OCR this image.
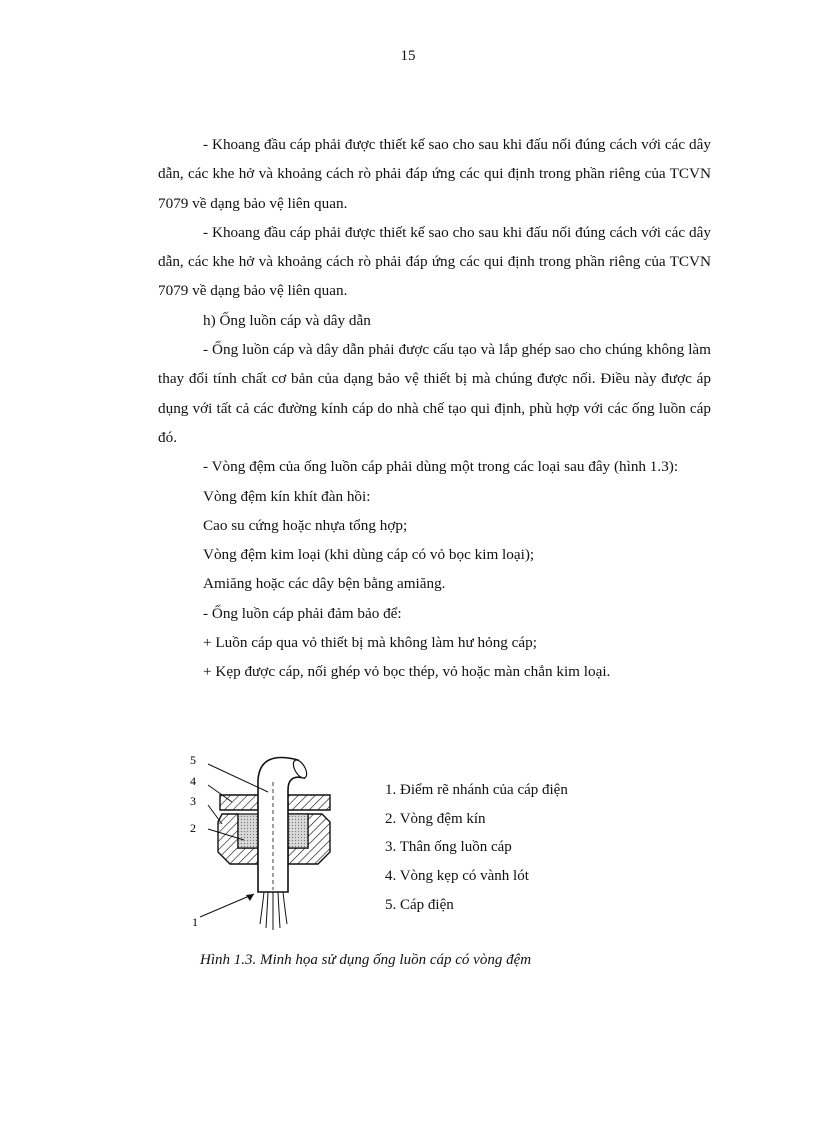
15

- Khoang đầu cáp phải được thiết kế sao cho sau khi đấu nối đúng cách với các dây dẫn, các khe hở và khoảng cách rò phải đáp ứng các qui định trong phần riêng của TCVN 7079 về dạng bảo vệ liên quan.

- Khoang đầu cáp phải được thiết kế sao cho sau khi đấu nối đúng cách với các dây dẫn, các khe hở và khoảng cách rò phải đáp ứng các qui định trong phần riêng của TCVN 7079 về dạng bảo vệ liên quan.

h) Ống luồn cáp và dây dẫn

- Ống luồn cáp và dây dẫn phải được cấu tạo và lắp ghép sao cho chúng không làm thay đổi tính chất cơ bản của dạng bảo vệ thiết bị mà chúng được nối. Điều này được áp dụng với tất cả các đường kính cáp do nhà chế tạo qui định, phù hợp với các ống luồn cáp đó.

- Vòng đệm của ống luồn cáp phải dùng một trong các loại sau đây (hình 1.3):

Vòng đệm kín khít đàn hồi:

Cao su cứng hoặc nhựa tổng hợp;

Vòng đệm kim loại (khi dùng cáp có vỏ bọc kim loại);

Amiăng hoặc các dây bện bằng amiăng.

- Ống luồn cáp phải đảm bảo để:

+ Luồn cáp qua vỏ thiết bị mà không làm hư hỏng cáp;

+ Kẹp được cáp, nối ghép vỏ bọc thép, vỏ hoặc màn chắn kim loại.

5
4
3
2
1
1. Điểm rẽ nhánh của cáp điện
2. Vòng đệm kín
3. Thân ống luồn cáp
4. Vòng kẹp có vành lót
5. Cáp điện
Hình 1.3. Minh họa sử dụng ống luồn cáp có vòng đệm
